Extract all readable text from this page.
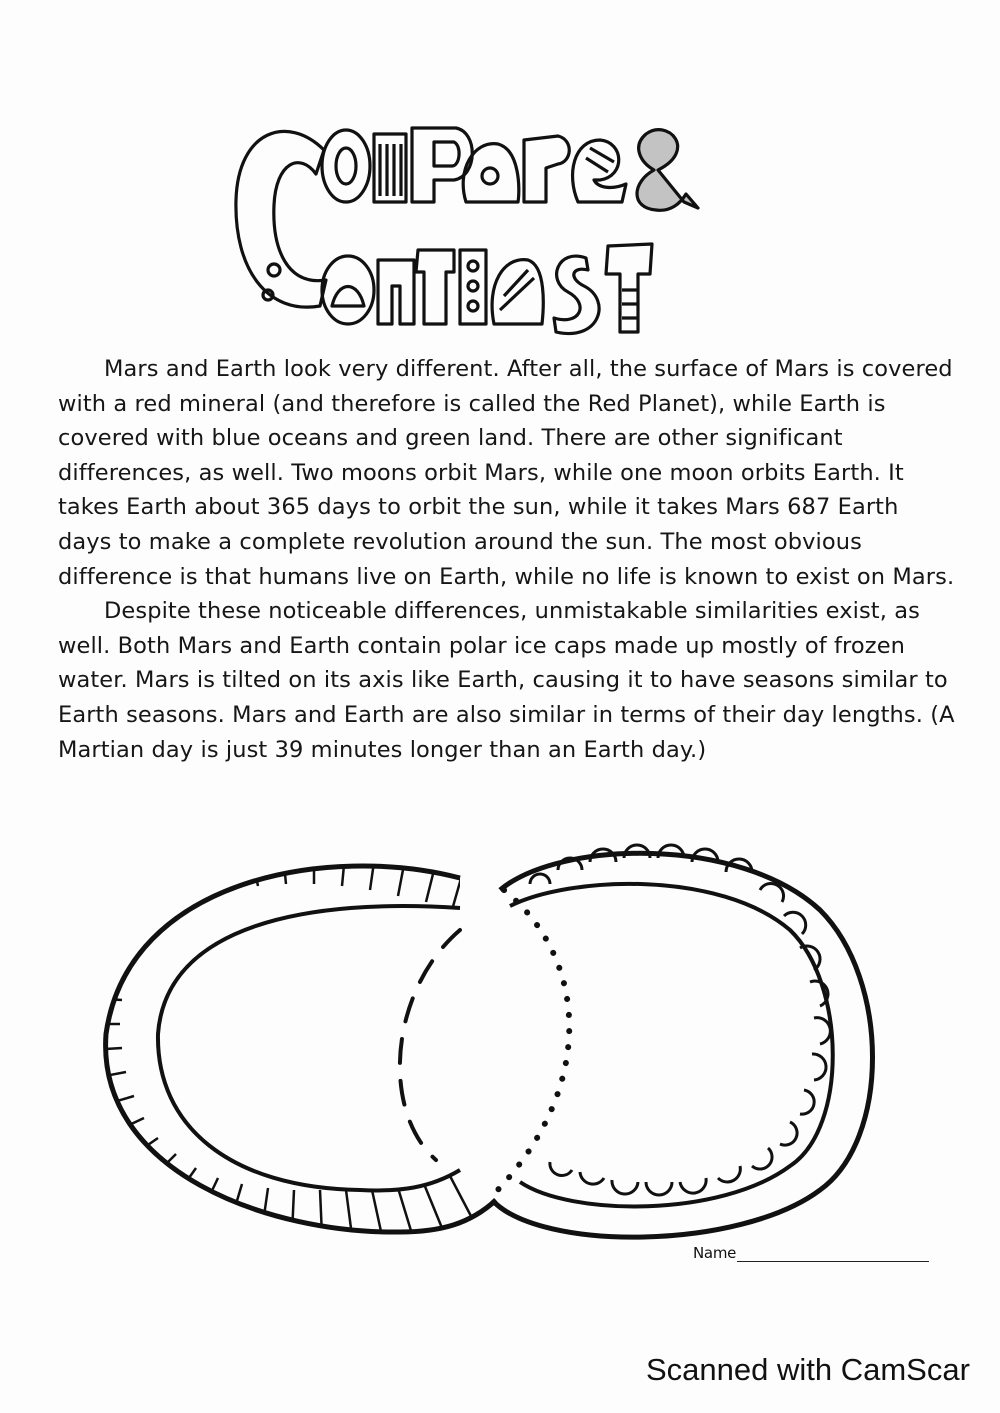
Mars and Earth look very different. After all, the surface of Mars is covered with a red mineral (and therefore is called the Red Planet), while Earth is covered with blue oceans and green land. There are other significant differences, as well. Two moons orbit Mars, while one moon orbits Earth. It takes Earth about 365 days to orbit the sun, while it takes Mars 687 Earth days to make a complete revolution around the sun. The most obvious difference is that humans live on Earth, while no life is known to exist on Mars.

Despite these noticeable differences, unmistakable similarities exist, as well. Both Mars and Earth contain polar ice caps made up mostly of frozen water. Mars is tilted on its axis like Earth, causing it to have seasons similar to Earth seasons. Mars and Earth are also similar in terms of their day lengths. (A Martian day is just 39 minutes longer than an Earth day.)

Name
Scanned with CamScar
